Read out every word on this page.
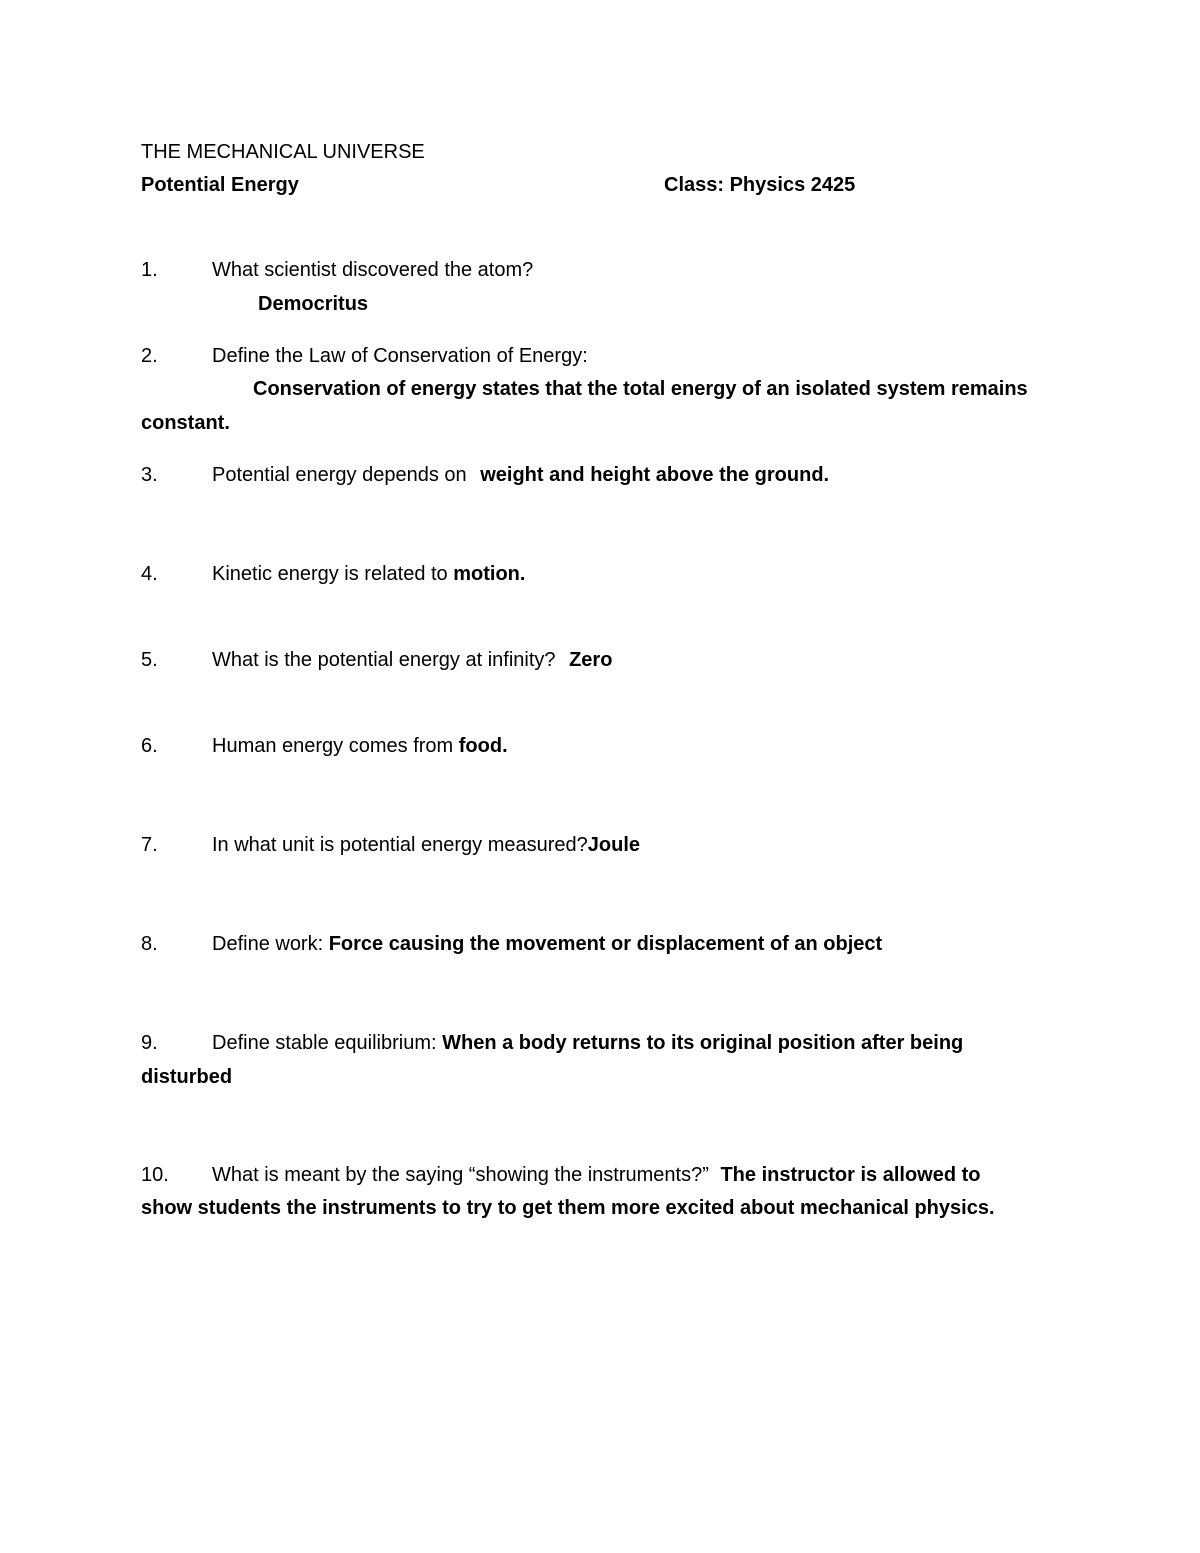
THE MECHANICAL UNIVERSE
Potential Energy	Class: Physics 2425
1.	What scientist discovered the atom?
Democritus
2.	Define the Law of Conservation of Energy:
Conservation of energy states that the total energy of an isolated system remains
constant.
3.	Potential energy depends on weight and height above the ground.
4.	Kinetic energy is related to motion.
5.	What is the potential energy at infinity? Zero
6.	Human energy comes from food.
7.	In what unit is potential energy measured?Joule
8.	Define work: Force causing the movement or displacement of an object
9.	Define stable equilibrium: When a body returns to its original position after being
disturbed
10. What is meant by the saying “showing the instruments?” The instructor is allowed to
show students the instruments to try to get them more excited about mechanical physics.
